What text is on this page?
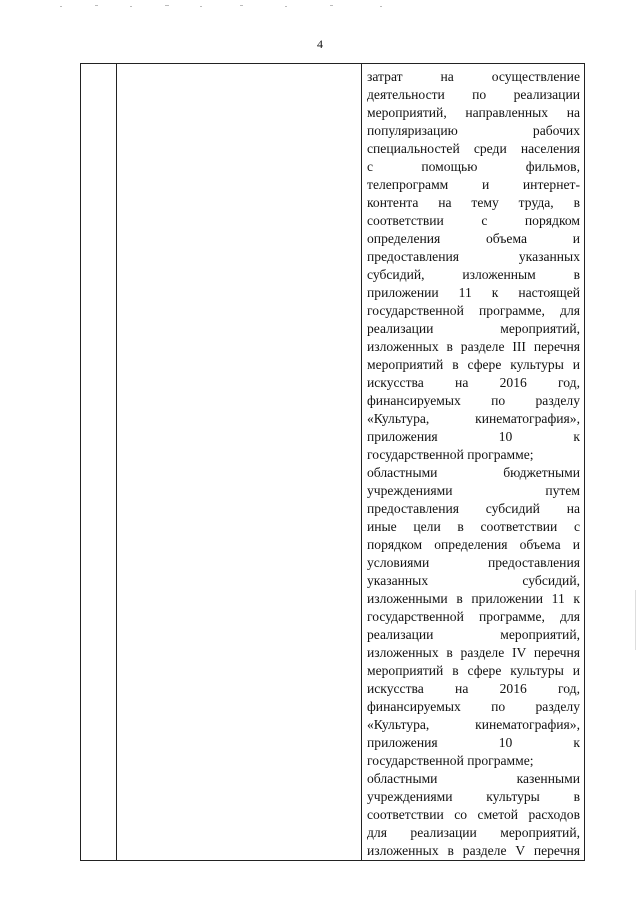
4

затрат на осуществление
деятельности по реализации
мероприятий, направленных на
популяризацию рабочих
специальностей среди населения
с помощью фильмов,
телепрограмм и интернет-
контента на тему труда, в
соответствии с порядком
определения объема и
предоставления указанных
субсидий, изложенным в
приложении 11 к настоящей
государственной программе, для
реализации мероприятий,
изложенных в разделе III перечня
мероприятий в сфере культуры и
искусства на 2016 год,
финансируемых по разделу
«Культура, кинематография»,
приложения 10 к
государственной программе;
областными бюджетными
учреждениями путем
предоставления субсидий на
иные цели в соответствии с
порядком определения объема и
условиями предоставления
указанных субсидий,
изложенными в приложении 11 к
государственной программе, для
реализации мероприятий,
изложенных в разделе IV перечня
мероприятий в сфере культуры и
искусства на 2016 год,
финансируемых по разделу
«Культура, кинематография»,
приложения 10 к
государственной программе;
областными казенными
учреждениями культуры в
соответствии со сметой расходов
для реализации мероприятий,
изложенных в разделе V перечня
